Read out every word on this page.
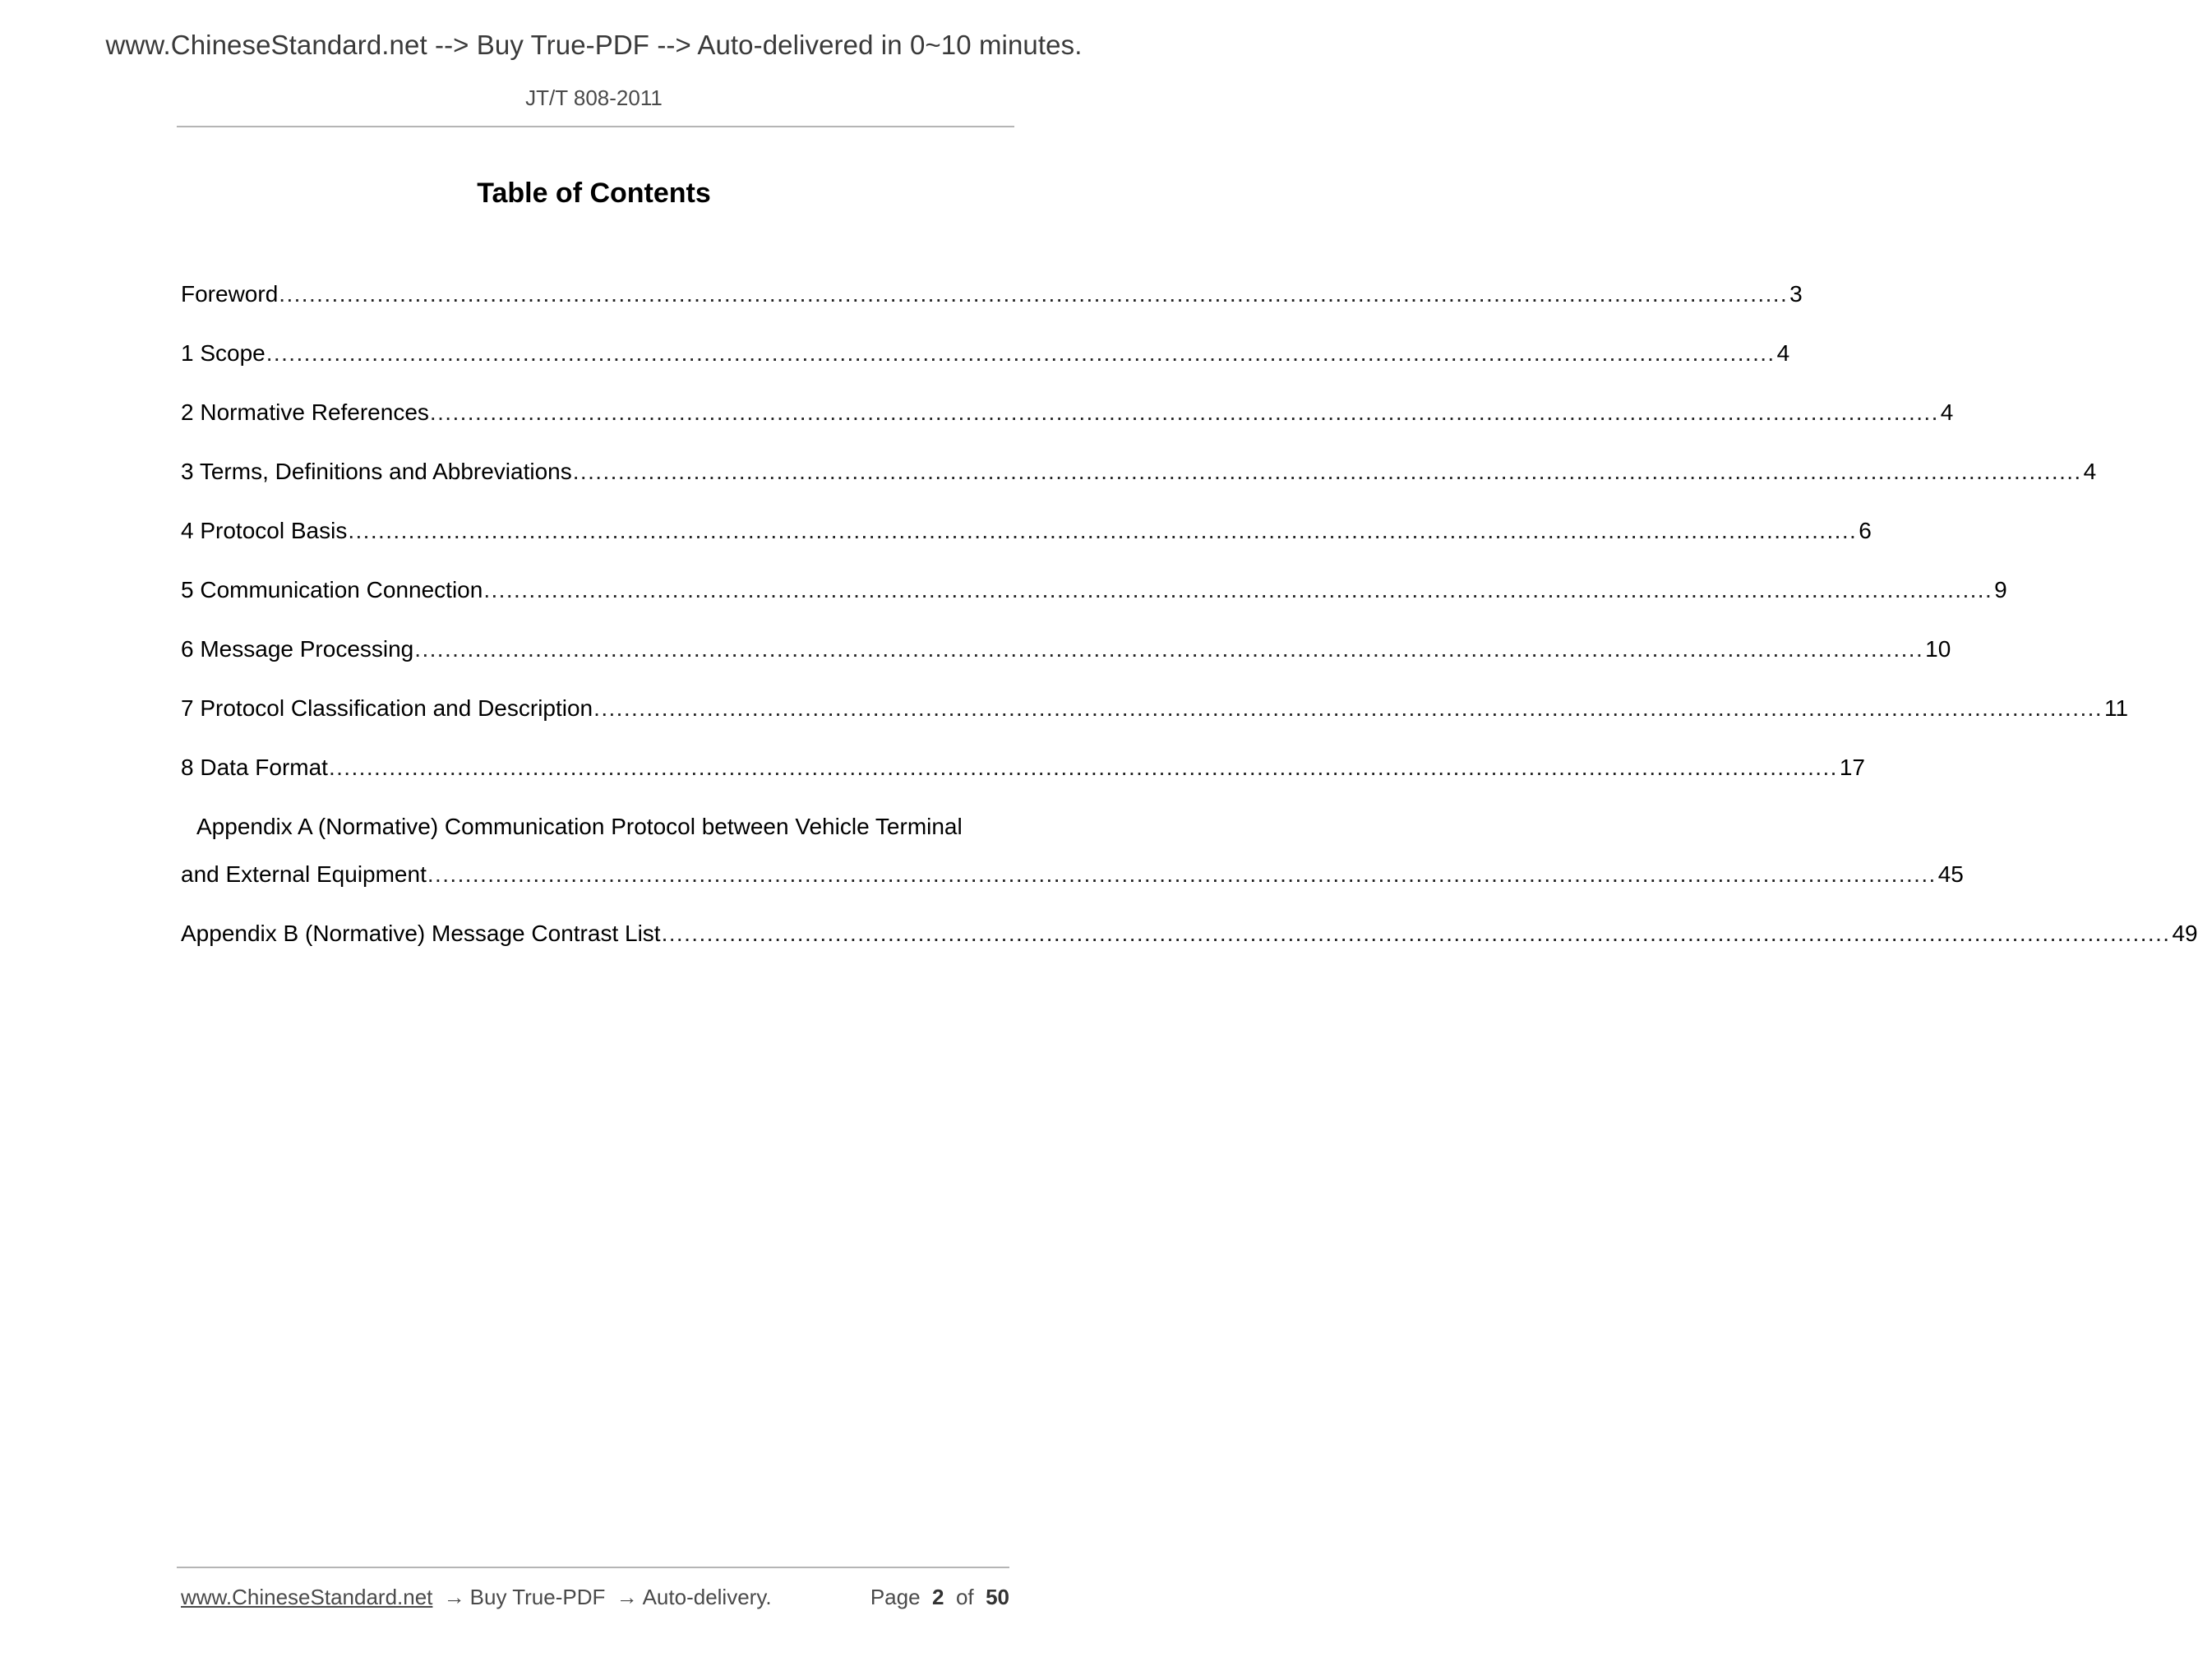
www.ChineseStandard.net --> Buy True-PDF --> Auto-delivered in 0~10 minutes.
JT/T 808-2011
Table of Contents
Foreword ........................................................................................................................................................................................................ 3
1 Scope ........................................................................................................................................................................................................ 4
2 Normative References ........................................................................................................................................................................................................ 4
3 Terms, Definitions and Abbreviations ........................................................................................................................................................................................................ 4
4 Protocol Basis ........................................................................................................................................................................................................ 6
5 Communication Connection ........................................................................................................................................................................................................ 9
6 Message Processing ........................................................................................................................................................................................................ 10
7 Protocol Classification and Description ........................................................................................................................................................................................................ 11
8 Data Format ........................................................................................................................................................................................................ 17
Appendix A (Normative) Communication Protocol between Vehicle Terminal
and External Equipment ........................................................................................................................................................................................................ 45
Appendix B (Normative) Message Contrast List ........................................................................................................................................................................................................ 49
www.ChineseStandard.net → Buy True-PDF → Auto-delivery.	Page 2 of 50
